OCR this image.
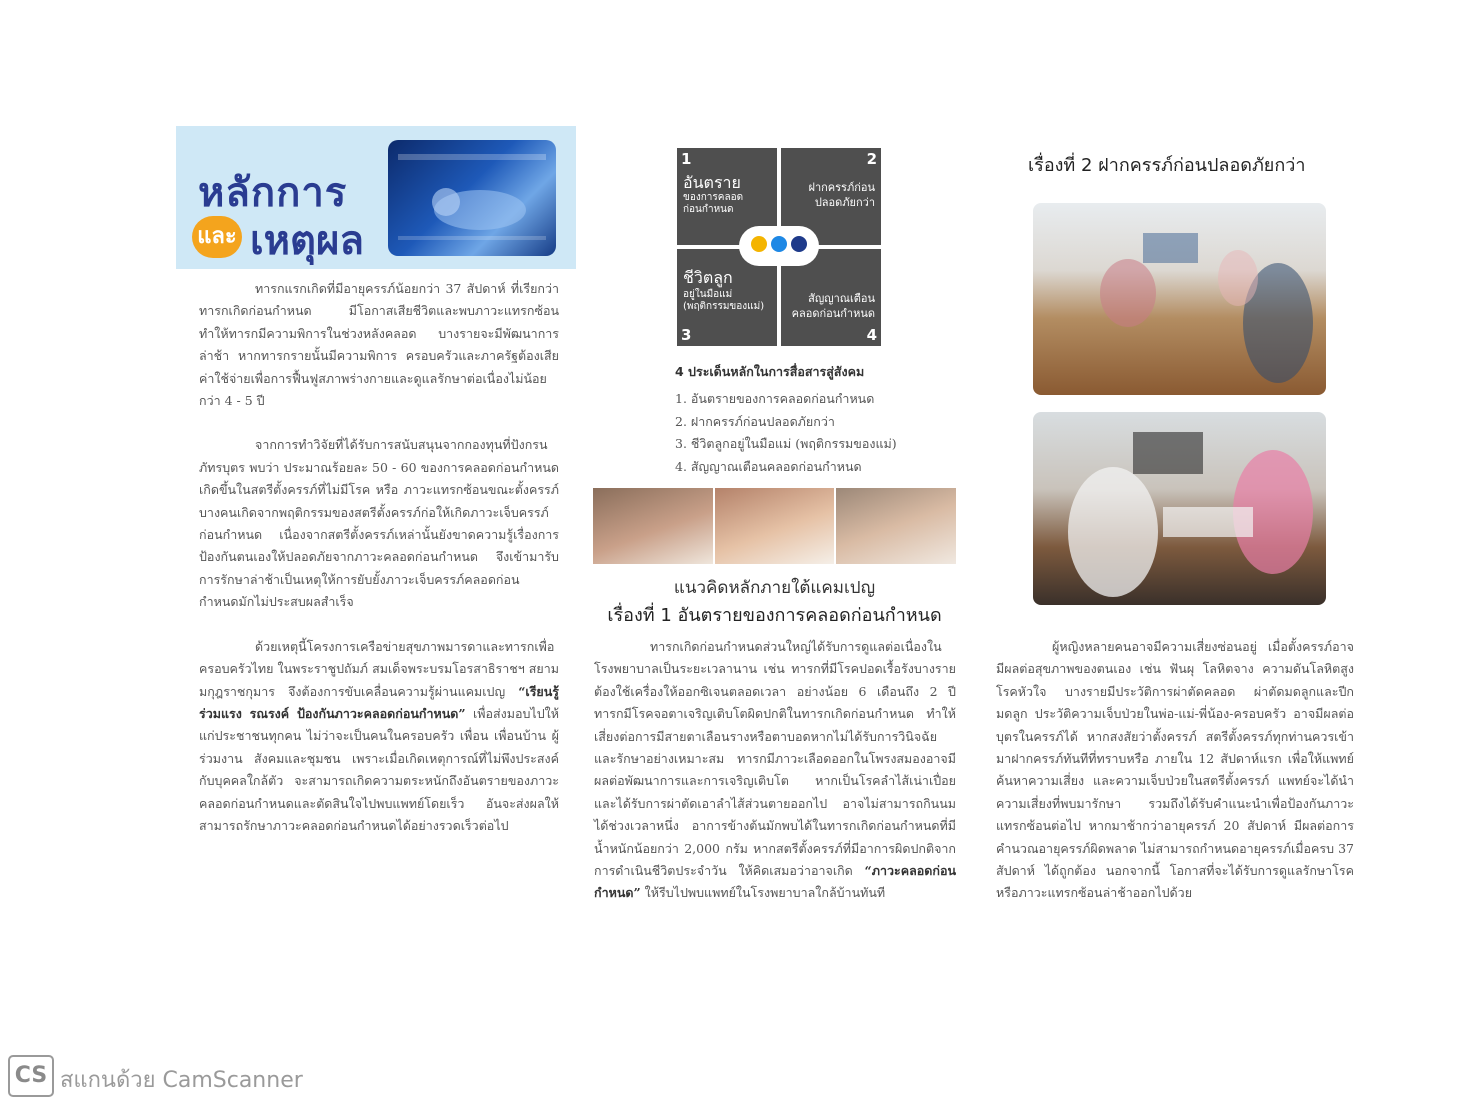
หลักการ
และ เหตุผล

ทารกแรกเกิดที่มีอายุครรภ์น้อยกว่า 37 สัปดาห์ ที่เรียกว่าทารกเกิดก่อนกำหนด มีโอกาสเสียชีวิตและพบภาวะแทรกซ้อน ทำให้ทารกมีความพิการในช่วงหลังคลอด บางรายจะมีพัฒนาการล่าช้า หากทารกรายนั้นมีความพิการ ครอบครัวและภาครัฐต้องเสียค่าใช้จ่ายเพื่อการฟื้นฟูสภาพร่างกายและดูแลรักษาต่อเนื่องไม่น้อยกว่า 4 - 5 ปี

จากการทำวิจัยที่ได้รับการสนับสนุนจากกองทุนที่ปังกรนภัทรบุตร พบว่า ประมาณร้อยละ 50 - 60 ของการคลอดก่อนกำหนดเกิดขึ้นในสตรีตั้งครรภ์ที่ไม่มีโรค หรือ ภาวะแทรกซ้อนขณะตั้งครรภ์ บางคนเกิดจากพฤติกรรมของสตรีตั้งครรภ์ก่อให้เกิดภาวะเจ็บครรภ์ก่อนกำหนด เนื่องจากสตรีตั้งครรภ์เหล่านั้นยังขาดความรู้เรื่องการป้องกันตนเองให้ปลอดภัยจากภาวะคลอดก่อนกำหนด จึงเข้ามารับการรักษาล่าช้าเป็นเหตุให้การยับยั้งภาวะเจ็บครรภ์คลอดก่อนกำหนดมักไม่ประสบผลสำเร็จ

ด้วยเหตุนี้โครงการเครือข่ายสุขภาพมารดาและทารกเพื่อครอบครัวไทย ในพระราชูปถัมภ์ สมเด็จพระบรมโอรสาธิราชฯ สยามมกุฎราชกุมาร จึงต้องการขับเคลื่อนความรู้ผ่านแคมเปญ “เรียนรู้ ร่วมแรง รณรงค์ ป้องกันภาวะคลอดก่อนกำหนด” เพื่อส่งมอบไปให้แก่ประชาชนทุกคน ไม่ว่าจะเป็นคนในครอบครัว เพื่อน เพื่อนบ้าน ผู้ร่วมงาน สังคมและชุมชน เพราะเมื่อเกิดเหตุการณ์ที่ไม่พึงประสงค์กับบุคคลใกล้ตัว จะสามารถเกิดความตระหนักถึงอันตรายของภาวะคลอดก่อนกำหนดและตัดสินใจไปพบแพทย์โดยเร็ว อันจะส่งผลให้สามารถรักษาภาวะคลอดก่อนกำหนดได้อย่างรวดเร็วต่อไป

1
อันตราย
ของการคลอด
ก่อนกำหนด
2
ฝากครรภ์ก่อน
ปลอดภัยกว่า
ชีวิตลูก
อยู่ในมือแม่
(พฤติกรรมของแม่)
3
สัญญาณเตือน
คลอดก่อนกำหนด
4
4 ประเด็นหลักในการสื่อสารสู่สังคม
1. อันตรายของการคลอดก่อนกำหนด
2. ฝากครรภ์ก่อนปลอดภัยกว่า
3. ชีวิตลูกอยู่ในมือแม่ (พฤติกรรมของแม่)
4. สัญญาณเตือนคลอดก่อนกำหนด
แนวคิดหลักภายใต้แคมเปญ
เรื่องที่ 1 อันตรายของการคลอดก่อนกำหนด

ทารกเกิดก่อนกำหนดส่วนใหญ่ได้รับการดูแลต่อเนื่องในโรงพยาบาลเป็นระยะเวลานาน เช่น ทารกที่มีโรคปอดเรื้อรังบางรายต้องใช้เครื่องให้ออกซิเจนตลอดเวลา อย่างน้อย 6 เดือนถึง 2 ปี ทารกมีโรคจอตาเจริญเติบโตผิดปกติในทารกเกิดก่อนกำหนด ทำให้เสี่ยงต่อการมีสายตาเลือนรางหรือตาบอดหากไม่ได้รับการวินิจฉัยและรักษาอย่างเหมาะสม ทารกมีภาวะเลือดออกในโพรงสมองอาจมีผลต่อพัฒนาการและการเจริญเติบโต หากเป็นโรคลำไส้เน่าเปื่อยและได้รับการผ่าตัดเอาลำไส้ส่วนตายออกไป อาจไม่สามารถกินนมได้ช่วงเวลาหนึ่ง อาการข้างต้นมักพบได้ในทารกเกิดก่อนกำหนดที่มีน้ำหนักน้อยกว่า 2,000 กรัม หากสตรีตั้งครรภ์ที่มีอาการผิดปกติจากการดำเนินชีวิตประจำวัน ให้คิดเสมอว่าอาจเกิด “ภาวะคลอดก่อนกำหนด” ให้รีบไปพบแพทย์ในโรงพยาบาลใกล้บ้านทันที

เรื่องที่ 2 ฝากครรภ์ก่อนปลอดภัยกว่า

ผู้หญิงหลายคนอาจมีความเสี่ยงซ่อนอยู่ เมื่อตั้งครรภ์อาจมีผลต่อสุขภาพของตนเอง เช่น ฟันผุ โลหิตจาง ความดันโลหิตสูง โรคหัวใจ บางรายมีประวัติการผ่าตัดคลอด ผ่าตัดมดลูกและปีกมดลูก ประวัติความเจ็บป่วยในพ่อ-แม่-พี่น้อง-ครอบครัว อาจมีผลต่อบุตรในครรภ์ได้ หากสงสัยว่าตั้งครรภ์ สตรีตั้งครรภ์ทุกท่านควรเข้ามาฝากครรภ์ทันทีที่ทราบหรือ ภายใน 12 สัปดาห์แรก เพื่อให้แพทย์ค้นหาความเสี่ยง และความเจ็บป่วยในสตรีตั้งครรภ์ แพทย์จะได้นำความเสี่ยงที่พบมารักษา รวมถึงได้รับคำแนะนำเพื่อป้องกันภาวะแทรกซ้อนต่อไป หากมาช้ากว่าอายุครรภ์ 20 สัปดาห์ มีผลต่อการคำนวณอายุครรภ์ผิดพลาด ไม่สามารถกำหนดอายุครรภ์เมื่อครบ 37 สัปดาห์ ได้ถูกต้อง นอกจากนี้ โอกาสที่จะได้รับการดูแลรักษาโรคหรือภาวะแทรกซ้อนล่าช้าออกไปด้วย

CS สแกนด้วย CamScanner
